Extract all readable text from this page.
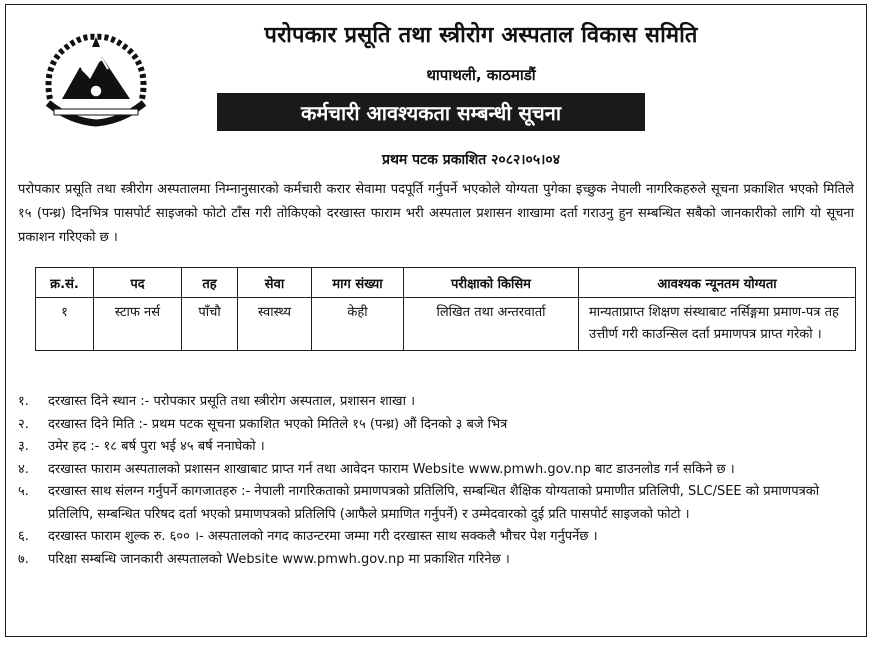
परोपकार प्रसूति तथा स्त्रीरोग अस्पताल विकास समिति
थापाथली, काठमाडौं
कर्मचारी आवश्यकता सम्बन्धी सूचना
प्रथम पटक प्रकाशित २०८२।०५।०४
परोपकार प्रसूति तथा स्त्रीरोग अस्पतालमा निम्नानुसारको कर्मचारी करार सेवामा पदपूर्ति गर्नुपर्ने भएकोले योग्यता पुगेका इच्छुक नेपाली नागरिकहरुले सूचना प्रकाशित भएको मितिले १५ (पन्ध्र) दिनभित्र पासपोर्ट साइजको फोटो टाँस गरी तोकिएको दरखास्त फाराम भरी अस्पताल प्रशासन शाखामा दर्ता गराउनु हुन सम्बन्धित सबैको जानकारीको लागि यो सूचना प्रकाशन गरिएको छ ।
क्र.सं.	पद	तह	सेवा	माग संख्या	परीक्षाको किसिम	आवश्यक न्यूनतम योग्यता
१	स्टाफ नर्स	पाँचौ	स्वास्थ्य	केही	लिखित तथा अन्तरवार्ता	मान्यताप्राप्त शिक्षण संस्थाबाट नर्सिङ्गमा प्रमाण-पत्र तह उत्तीर्ण गरी काउन्सिल दर्ता प्रमाणपत्र प्राप्त गरेको ।
१.	दरखास्त दिने स्थान :- परोपकार प्रसूति तथा स्त्रीरोग अस्पताल, प्रशासन शाखा ।
२.	दरखास्त दिने मिति :- प्रथम पटक सूचना प्रकाशित भएको मितिले १५ (पन्ध्र) औं दिनको ३ बजे भित्र
३.	उमेर हद :- १८ बर्ष पुरा भई ४५ बर्ष ननाघेको ।
४.	दरखास्त फाराम अस्पतालको प्रशासन शाखाबाट प्राप्त गर्न तथा आवेदन फाराम Website www.pmwh.gov.np बाट डाउनलोड गर्न सकिने छ ।
५.	दरखास्त साथ संलग्न गर्नुपर्ने कागजातहरु :- नेपाली नागरिकताको प्रमाणपत्रको प्रतिलिपि, सम्बन्धित शैक्षिक योग्यताको प्रमाणीत प्रतिलिपी, SLC/SEE को प्रमाणपत्रको प्रतिलिपि, सम्बन्धित परिषद दर्ता भएको प्रमाणपत्रको प्रतिलिपि (आफैले प्रमाणित गर्नुपर्ने) र उम्मेदवारको दुई प्रति पासपोर्ट साइजको फोटो ।
६.	दरखास्त फाराम शुल्क रु. ६०० ।- अस्पतालको नगद काउन्टरमा जम्मा गरी दरखास्त साथ सक्कलै भौचर पेश गर्नुपर्नेछ ।
७.	परिक्षा सम्बन्धि जानकारी अस्पतालको Website www.pmwh.gov.np मा प्रकाशित गरिनेछ ।
